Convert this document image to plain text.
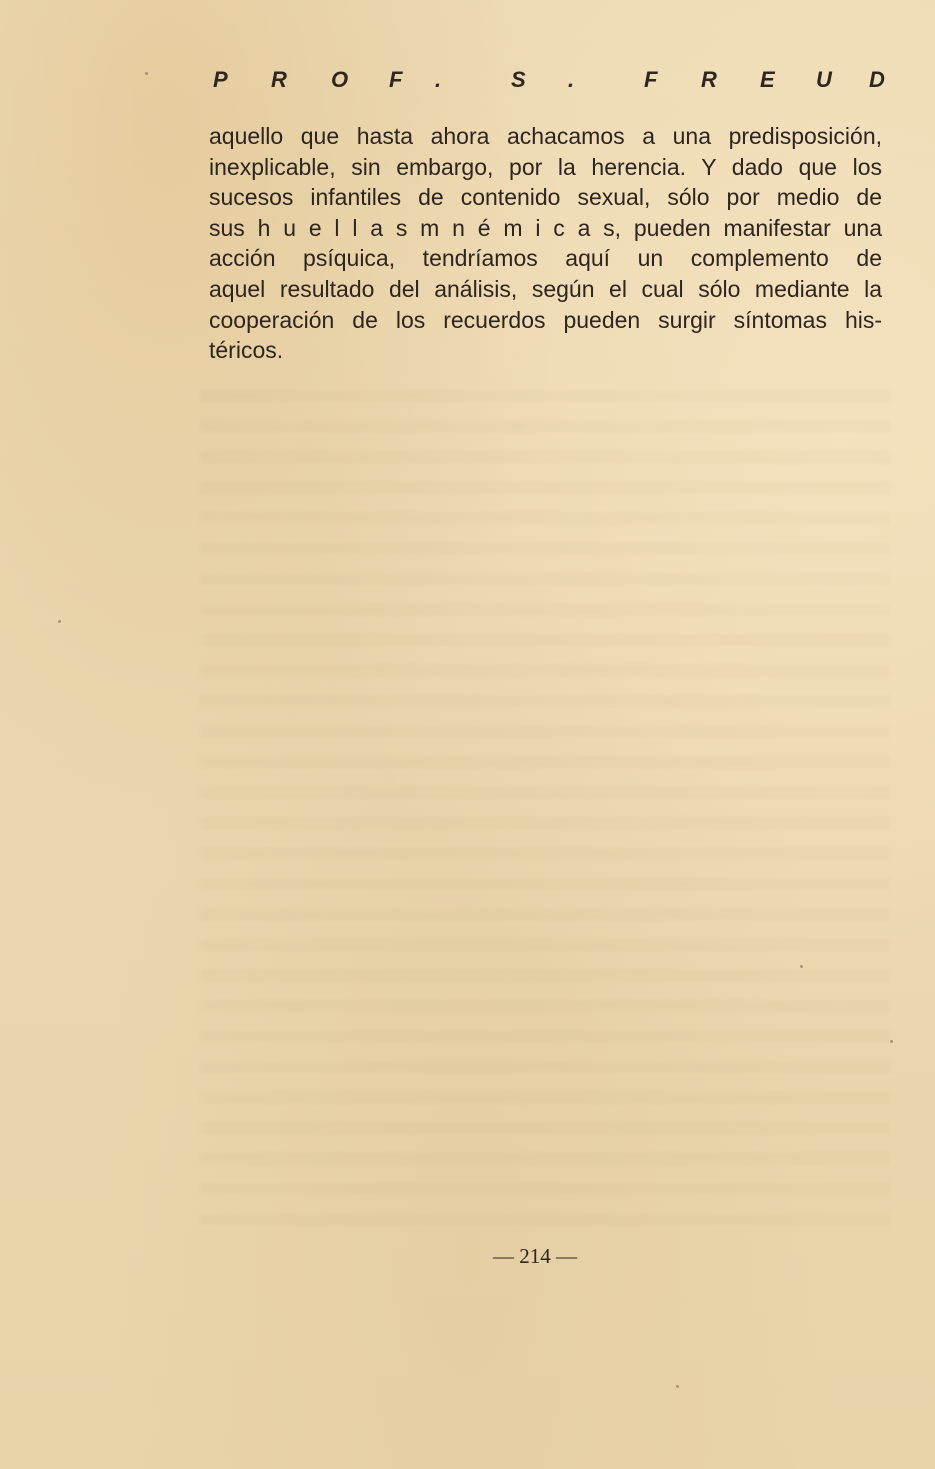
P R O F .	S .	F R E U D
aquello que hasta ahora achacamos a una predisposición,
inexplicable, sin embargo, por la herencia. Y dado que los
sucesos infantiles de contenido sexual, sólo por medio de
sus h u e l l a s m n é m i c a s, pueden manifestar una
acción psíquica, tendríamos aquí un complemento de
aquel resultado del análisis, según el cual sólo mediante la
cooperación de los recuerdos pueden surgir síntomas his-
téricos.
— 214 —
